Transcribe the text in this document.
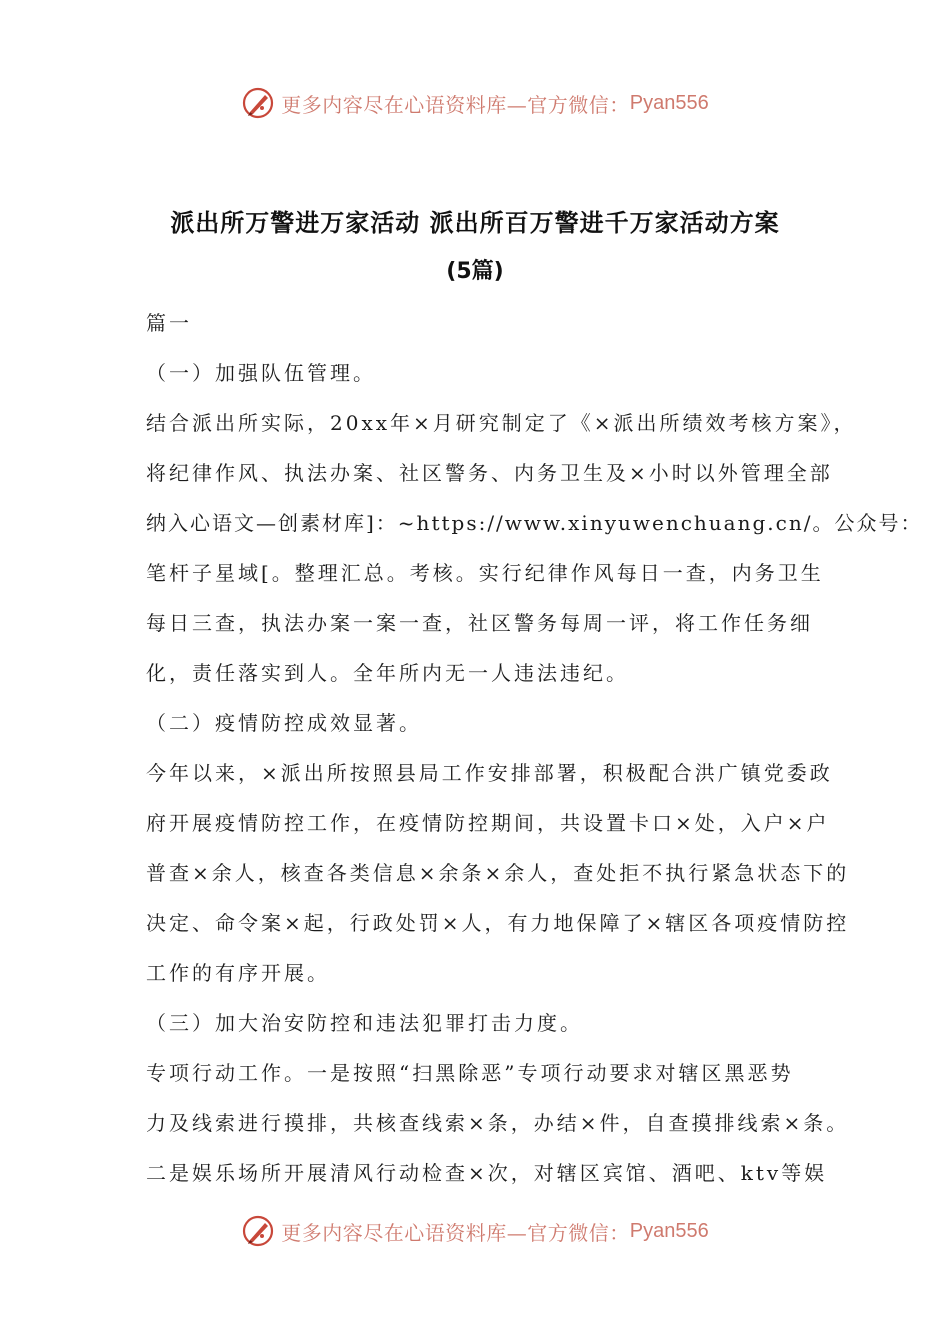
更多内容尽在心语资料库—官方微信： Pyan556
派出所万警进万家活动 派出所百万警进千万家活动方案
(5篇)
篇一
（一）加强队伍管理。
结合派出所实际，20xx年×月研究制定了《×派出所绩效考核方案》，
将纪律作风、执法办案、社区警务、内务卫生及×小时以外管理全部
纳入心语文—创素材库]：~https://www.xinyuwenchuang.cn/。公众号：
笔杆子星域[。整理汇总。考核。实行纪律作风每日一查，内务卫生
每日三查，执法办案一案一查，社区警务每周一评，将工作任务细
化，责任落实到人。全年所内无一人违法违纪。
（二）疫情防控成效显著。
今年以来，×派出所按照县局工作安排部署，积极配合洪广镇党委政
府开展疫情防控工作，在疫情防控期间，共设置卡口×处，入户×户
普查×余人，核查各类信息×余条×余人，查处拒不执行紧急状态下的
决定、命令案×起，行政处罚×人，有力地保障了×辖区各项疫情防控
工作的有序开展。
（三）加大治安防控和违法犯罪打击力度。
专项行动工作。一是按照“扫黑除恶”专项行动要求对辖区黑恶势
力及线索进行摸排，共核查线索×条，办结×件，自查摸排线索×条。
二是娱乐场所开展清风行动检查×次，对辖区宾馆、酒吧、ktv等娱
更多内容尽在心语资料库—官方微信： Pyan556
